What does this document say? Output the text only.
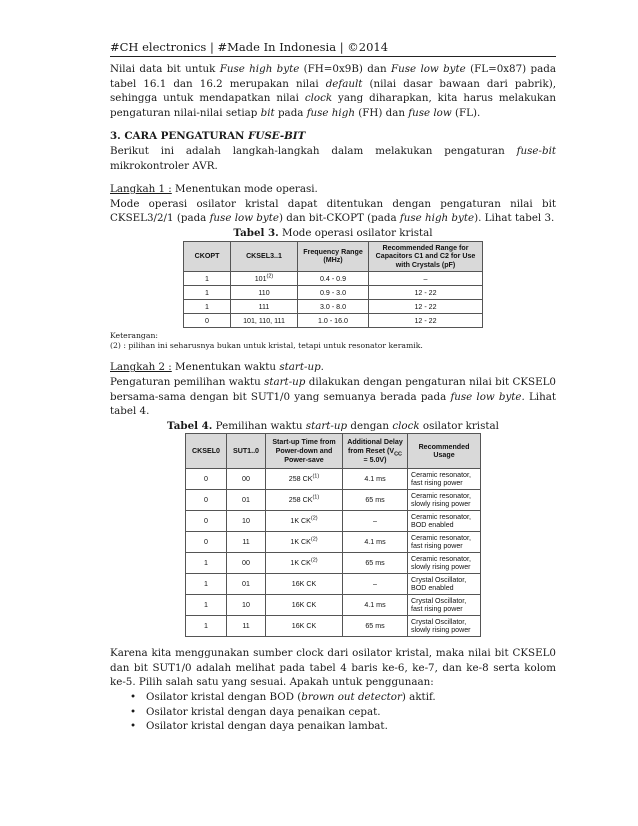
#CH electronics | #Made In Indonesia | ©2014

Nilai data bit untuk Fuse high byte (FH=0x9B) dan Fuse low byte (FL=0x87) pada tabel 16.1 dan 16.2 merupakan nilai default (nilai dasar bawaan dari pabrik), sehingga untuk mendapatkan nilai clock yang diharapkan, kita harus melakukan pengaturan nilai-nilai setiap bit pada fuse high (FH) dan fuse low (FL).

3. CARA PENGATURAN FUSE-BIT

Berikut ini adalah langkah-langkah dalam melakukan pengaturan fuse-bit mikrokontroler AVR.

Langkah 1 : Menentukan mode operasi.

Mode operasi osilator kristal dapat ditentukan dengan pengaturan nilai bit CKSEL3/2/1 (pada fuse low byte) dan bit-CKOPT (pada fuse high byte). Lihat tabel 3.

Tabel 3. Mode operasi osilator kristal

CKOPT	CKSEL3..1	Frequency Range (MHz)	Recommended Range for Capacitors C1 and C2 for Use with Crystals (pF)
1	101$^{(2)}$	0.4 - 0.9	–
1	110	0.9 - 3.0	12 - 22
1	111	3.0 - 8.0	12 - 22
0	101, 110, 111	1.0 - 16.0	12 - 22
Keterangan:
(2) : pilihan ini seharusnya bukan untuk kristal, tetapi untuk resonator keramik.

Langkah 2 : Menentukan waktu start-up.

Pengaturan pemilihan waktu start-up dilakukan dengan pengaturan nilai bit CKSEL0 bersama-sama dengan bit SUT1/0 yang semuanya berada pada fuse low byte. Lihat tabel 4.

Tabel 4. Pemilihan waktu start-up dengan clock osilator kristal

CKSEL0	SUT1..0	Start-up Time from Power-down and Power-save	Additional Delay from Reset $(V_{CC} = 5.0V)$	Recommended Usage
0	00	258 CK$^{(1)}$	4.1 ms	Ceramic resonator, fast rising power
0	01	258 CK$^{(1)}$	65 ms	Ceramic resonator, slowly rising power
0	10	1K CK$^{(2)}$	–	Ceramic resonator, BOD enabled
0	11	1K CK$^{(2)}$	4.1 ms	Ceramic resonator, fast rising power
1	00	1K CK$^{(2)}$	65 ms	Ceramic resonator, slowly rising power
1	01	16K CK	–	Crystal Oscillator, BOD enabled
1	10	16K CK	4.1 ms	Crystal Oscillator, fast rising power
1	11	16K CK	65 ms	Crystal Oscillator, slowly rising power

Karena kita menggunakan sumber clock dari osilator kristal, maka nilai bit CKSEL0 dan bit SUT1/0 adalah melihat pada tabel 4 baris ke-6, ke-7, dan ke-8 serta kolom ke-5. Pilih salah satu yang sesuai. Apakah untuk penggunaan:

• Osilator kristal dengan BOD (brown out detector) aktif.
• Osilator kristal dengan daya penaikan cepat.
• Osilator kristal dengan daya penaikan lambat.
